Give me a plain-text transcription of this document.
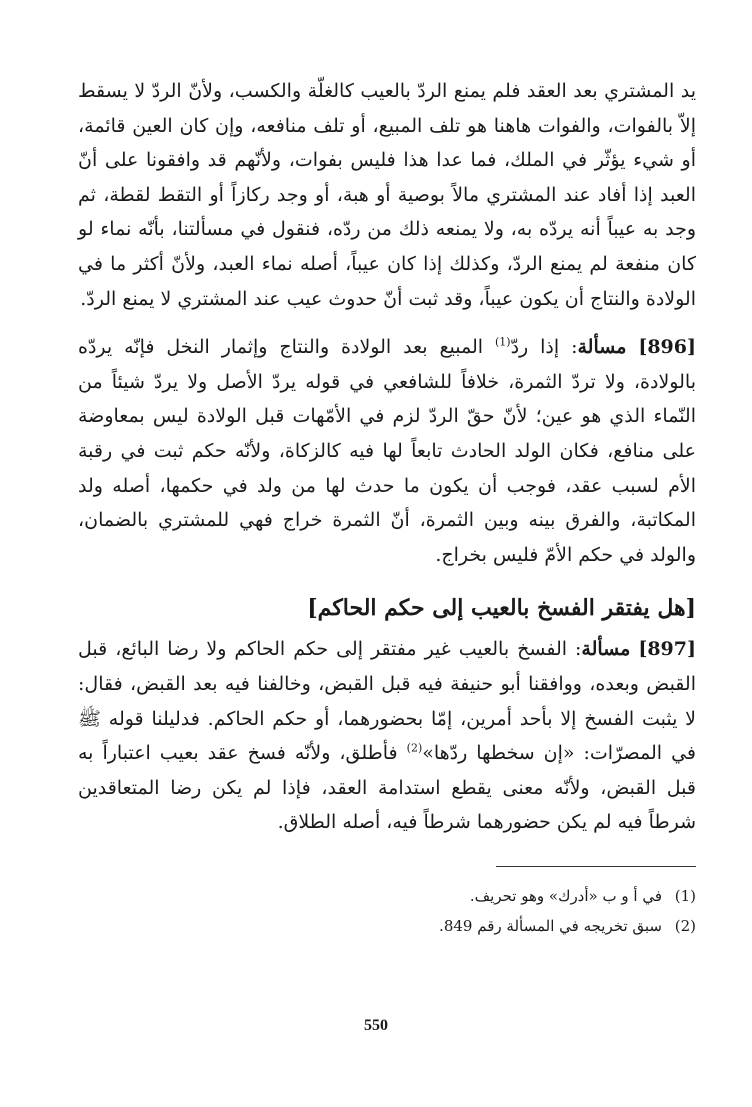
يد المشتري بعد العقد فلم يمنع الردّ بالعيب كالغلّة والكسب، ولأنّ الردّ لا يسقط إلاّ بالفوات، والفوات هاهنا هو تلف المبيع، أو تلف منافعه، وإن كان العين قائمة، أو شيء يؤثّر في الملك، فما عدا هذا فليس بفوات، ولأنّهم قد وافقونا على أنّ العبد إذا أفاد عند المشتري مالاً بوصية أو هبة، أو وجد ركازاً أو التقط لقطة، ثم وجد به عيباً أنه يردّه به، ولا يمنعه ذلك من ردّه، فنقول في مسألتنا، بأنّه نماء لو كان منفعة لم يمنع الردّ، وكذلك إذا كان عيباً، أصله نماء العبد، ولأنّ أكثر ما في الولادة والنتاج أن يكون عيباً، وقد ثبت أنّ حدوث عيب عند المشتري لا يمنع الردّ.

[896] مسألة: إذا ردّ$^{(1)}$ المبيع بعد الولادة والنتاج وإثمار النخل فإنّه يردّه بالولادة، ولا تردّ الثمرة، خلافاً للشافعي في قوله يردّ الأصل ولا يردّ شيئاً من النّماء الذي هو عين؛ لأنّ حقّ الردّ لزم في الأمّهات قبل الولادة ليس بمعاوضة على منافع، فكان الولد الحادث تابعاً لها فيه كالزكاة، ولأنّه حكم ثبت في رقبة الأم لسبب عقد، فوجب أن يكون ما حدث لها من ولد في حكمها، أصله ولد المكاتبة، والفرق بينه وبين الثمرة، أنّ الثمرة خراج فهي للمشتري بالضمان، والولد في حكم الأمّ فليس بخراج.

[هل يفتقر الفسخ بالعيب إلى حكم الحاكم]

[897] مسألة: الفسخ بالعيب غير مفتقر إلى حكم الحاكم ولا رضا البائع، قبل القبض وبعده، ووافقنا أبو حنيفة فيه قبل القبض، وخالفنا فيه بعد القبض، فقال: لا يثبت الفسخ إلا بأحد أمرين، إمّا بحضورهما، أو حكم الحاكم. فدليلنا قوله ﷺ في المصرّات: «إن سخطها ردّها»$^{(2)}$ فأطلق، ولأنّه فسخ عقد بعيب اعتباراً به قبل القبض، ولأنّه معنى يقطع استدامة العقد، فإذا لم يكن رضا المتعاقدين شرطاً فيه لم يكن حضورهما شرطاً فيه، أصله الطلاق.

(1)في أ و ب «أدرك» وهو تحريف.

(2)سبق تخريجه في المسألة رقم 849.

550
